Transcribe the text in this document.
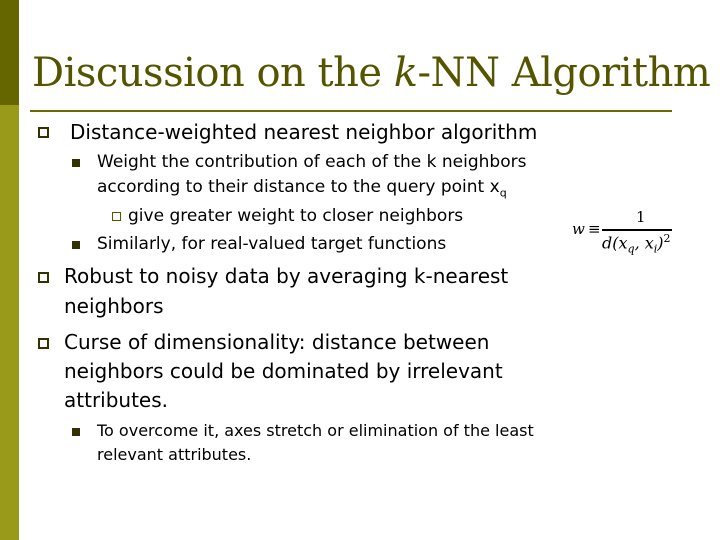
Discussion on the k-NN Algorithm
Distance-weighted nearest neighbor algorithm
Weight the contribution of each of the k neighbors
according to their distance to the query point $x_q$
give greater weight to closer neighbors
Similarly, for real-valued target functions
w ≡
1
$d(x_q$, $x_i)^2$
Robust to noisy data by averaging k-nearest
neighbors
Curse of dimensionality: distance between
neighbors could be dominated by irrelevant
attributes.
To overcome it, axes stretch or elimination of the least
relevant attributes.
